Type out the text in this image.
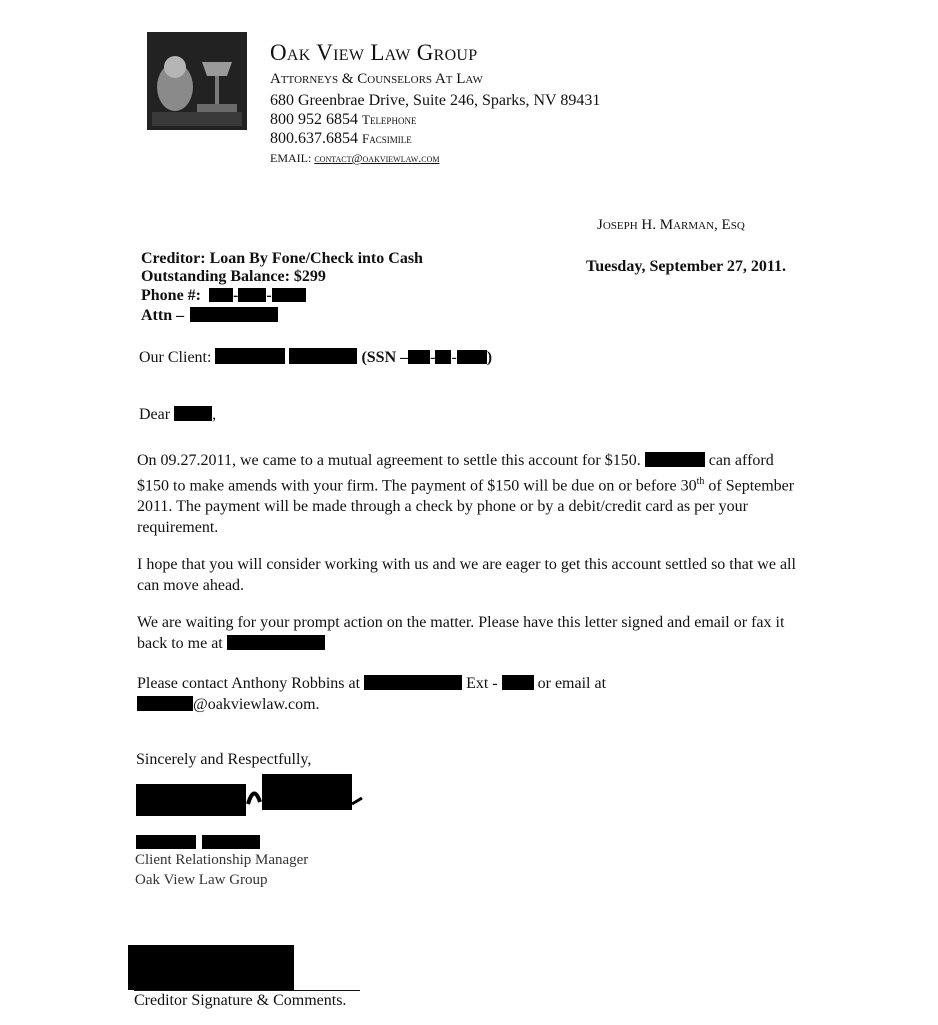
Oak View Law Group
Attorneys & Counselors At Law
680 Greenbrae Drive, Suite 246, Sparks, NV 89431
800 952 6854 Telephone
800.637.6854 Facsimile
EMAIL: contact@oakviewlaw.com
Joseph H. Marman, Esq
Tuesday, September 27, 2011.
Creditor: Loan By Fone/Check into Cash
Outstanding Balance: $299
Phone #: - -
Attn –
Our Client:	(SSN – - - )
Dear	,
On 09.27.2011, we came to a mutual agreement to settle this account for $150.	can afford $150 to make amends with your firm. The payment of $150 will be due on or before 30th of September 2011. The payment will be made through a check by phone or by a debit/credit card as per your requirement.
I hope that you will consider working with us and we are eager to get this account settled so that we all can move ahead.
We are waiting for your prompt action on the matter. Please have this letter signed and email or fax it back to me at
Please contact Anthony Robbins at	Ext -	or email at
@oakviewlaw.com.
Sincerely and Respectfully,

Client Relationship Manager
Oak View Law Group
Creditor Signature & Comments.
